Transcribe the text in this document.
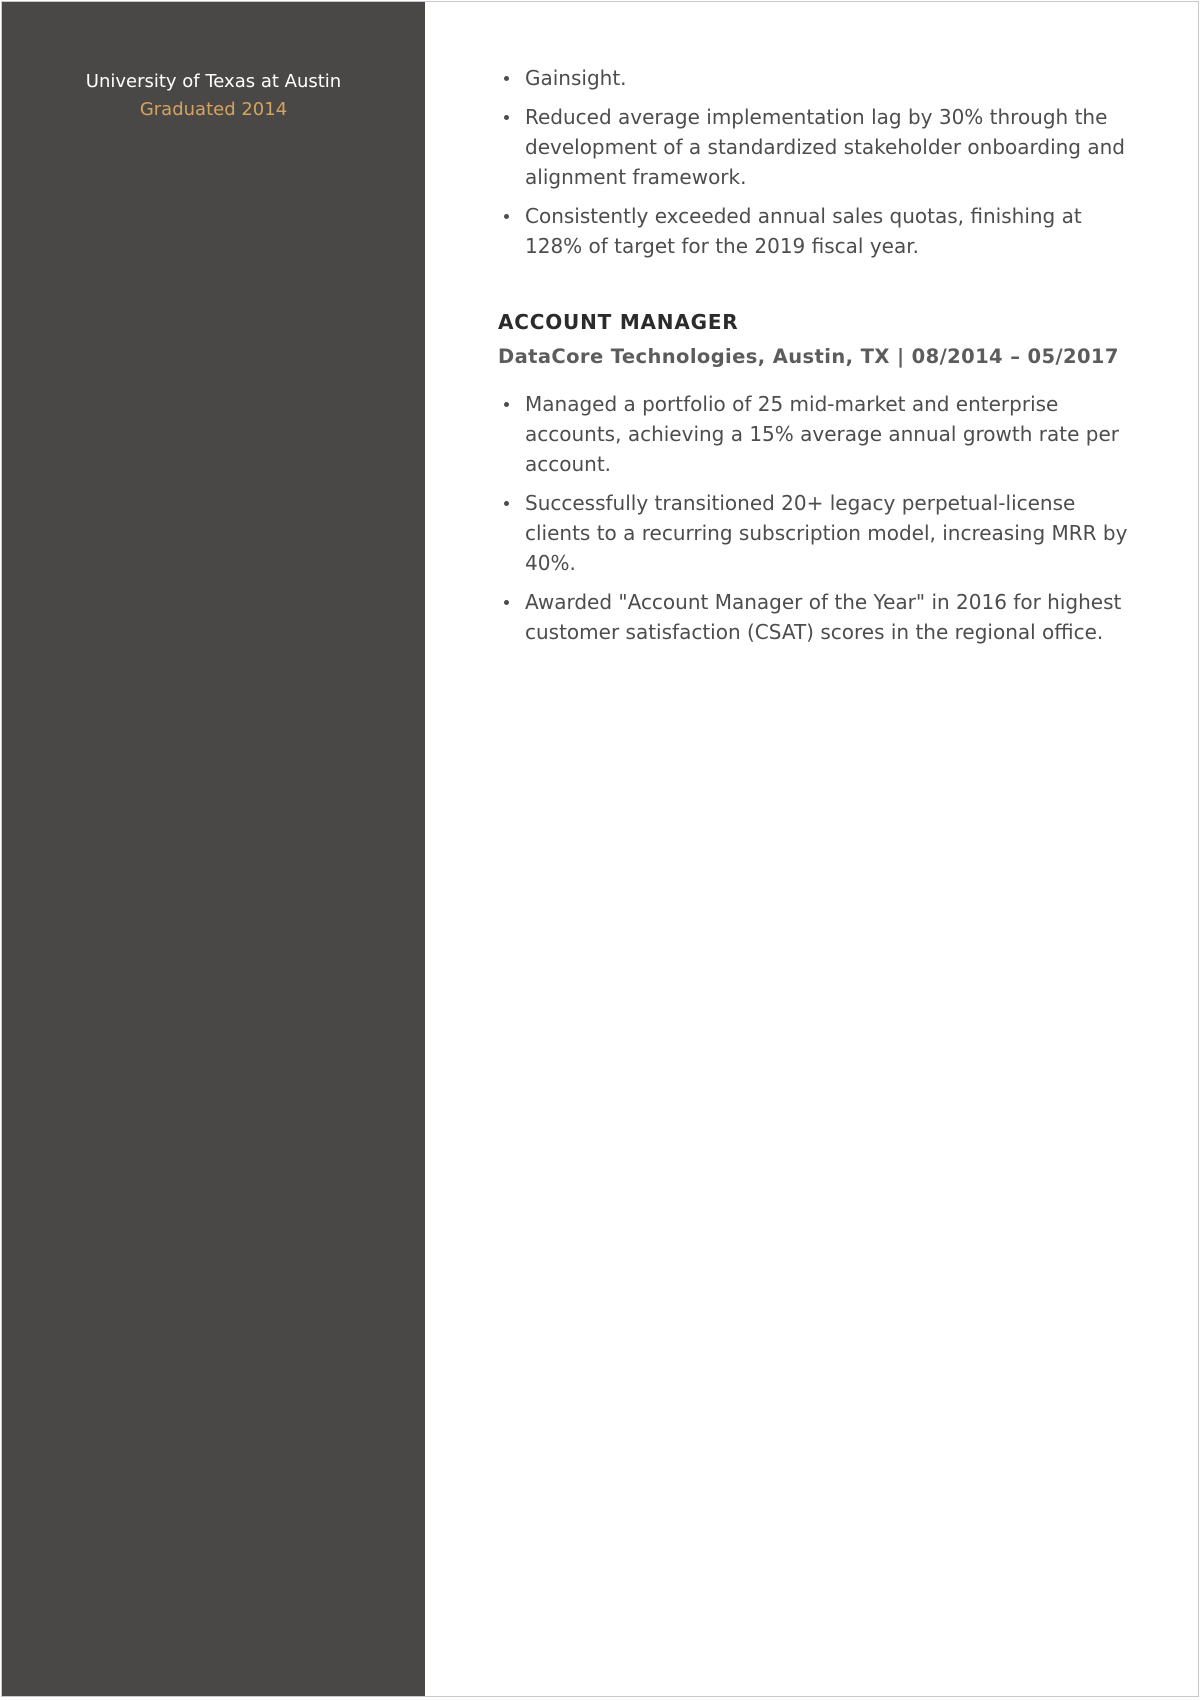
University of Texas at Austin
Graduated 2014
Gainsight.
Reduced average implementation lag by 30% through the development of a standardized stakeholder onboarding and alignment framework.
Consistently exceeded annual sales quotas, finishing at 128% of target for the 2019 fiscal year.
ACCOUNT MANAGER
DataCore Technologies, Austin, TX | 08/2014 – 05/2017
Managed a portfolio of 25 mid-market and enterprise accounts, achieving a 15% average annual growth rate per account.
Successfully transitioned 20+ legacy perpetual-license clients to a recurring subscription model, increasing MRR by 40%.
Awarded "Account Manager of the Year" in 2016 for highest customer satisfaction (CSAT) scores in the regional office.
